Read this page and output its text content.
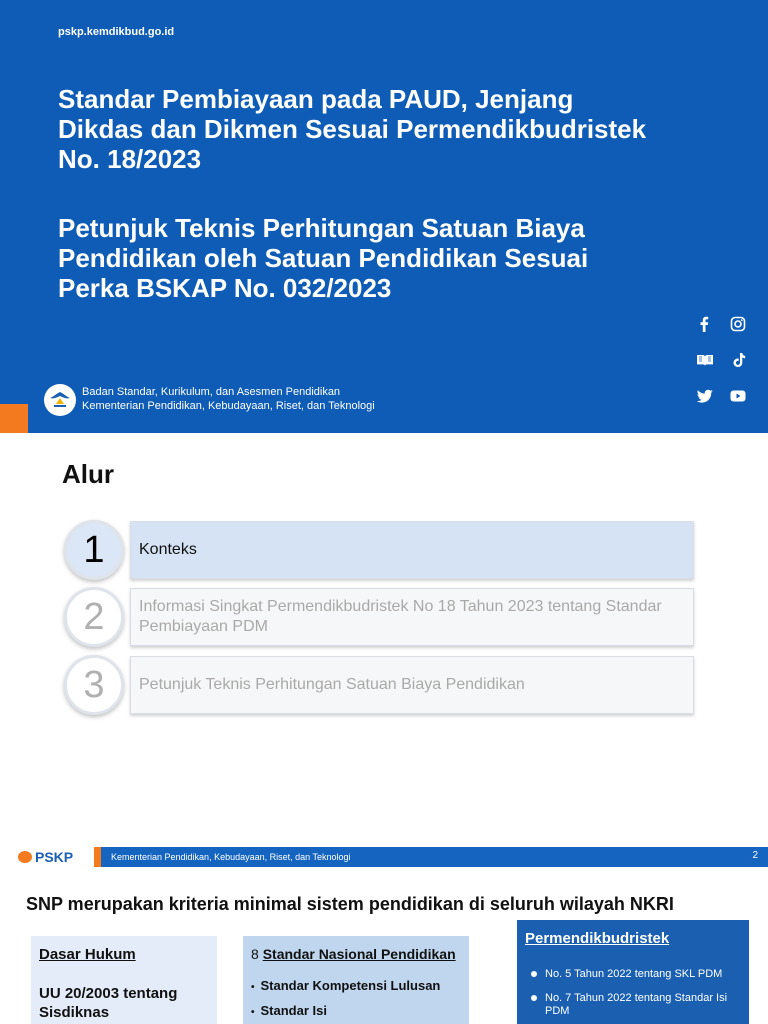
pskp.kemdikbud.go.id
Standar Pembiayaan pada PAUD, Jenjang
Dikdas dan Dikmen Sesuai Permendikbudristek
No. 18/2023
Petunjuk Teknis Perhitungan Satuan Biaya
Pendidikan oleh Satuan Pendidikan Sesuai
Perka BSKAP No. 032/2023
Badan Standar, Kurikulum, dan Asesmen Pendidikan
Kementerian Pendidikan, Kebudayaan, Riset, dan Teknologi
Alur
1	Konteks
2	Informasi Singkat Permendikbudristek No 18 Tahun 2023 tentang Standar Pembiayaan PDM
3	Petunjuk Teknis Perhitungan Satuan Biaya Pendidikan
PSKP	Kementerian Pendidikan, Kebudayaan, Riset, dan Teknologi	2
SNP merupakan kriteria minimal sistem pendidikan di seluruh wilayah NKRI
Dasar Hukum
UU 20/2003 tentang Sisdiknas
8 Standar Nasional Pendidikan
• Standar Kompetensi Lulusan
• Standar Isi
Permendikbudristek
No. 5 Tahun 2022 tentang SKL PDM
No. 7 Tahun 2022 tentang Standar Isi PDM
